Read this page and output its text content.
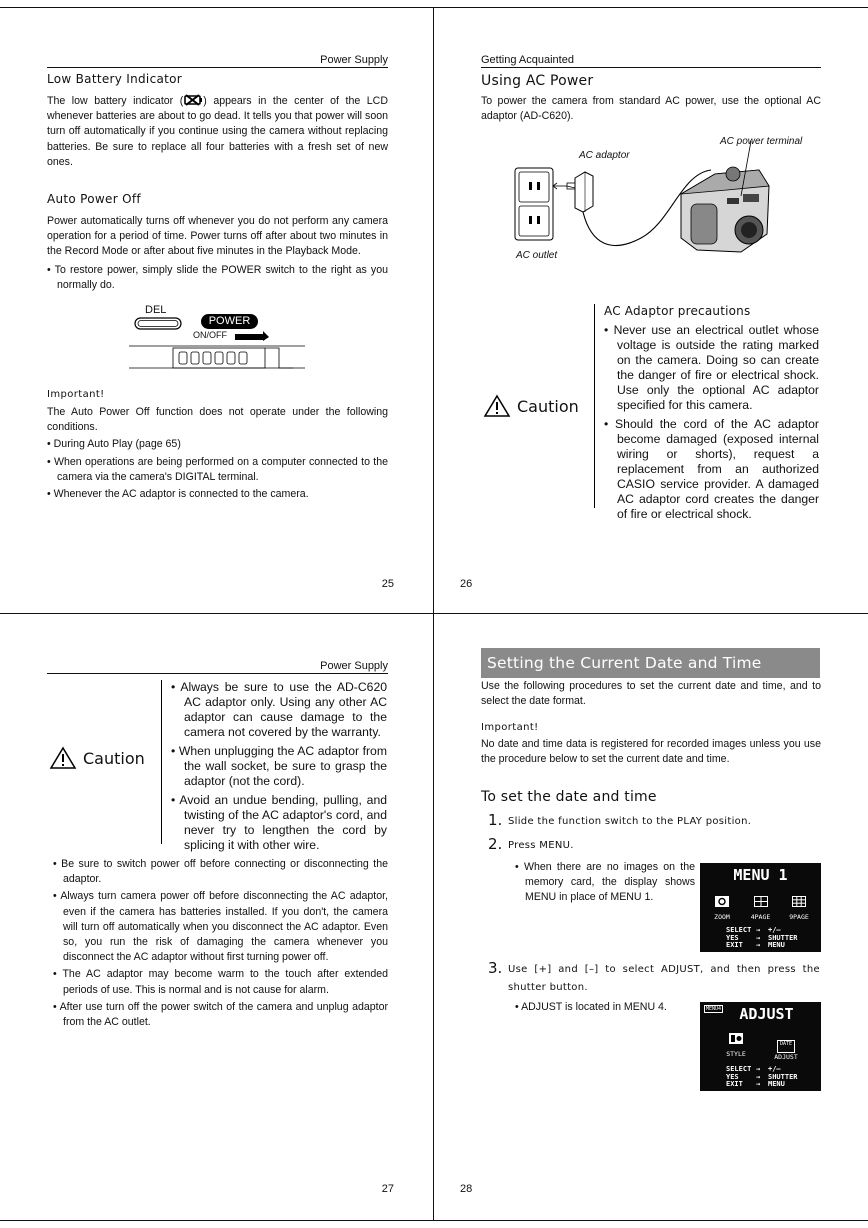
Power Supply
Low Battery Indicator
The low battery indicator ( ) appears in the center of the LCD whenever batteries are about to go dead. It tells you that power will soon turn off automatically if you continue using the camera without replacing batteries. Be sure to replace all four batteries with a fresh set of new ones.
Auto Power Off
Power automatically turns off whenever you do not perform any camera operation for a period of time. Power turns off after about two minutes in the Record Mode or after about five minutes in the Playback Mode.
• To restore power, simply slide the POWER switch to the right as you normally do.
DEL
POWER
ON/OFF
Important!
The Auto Power Off function does not operate under the following conditions.
• During Auto Play (page 65)
• When operations are being performed on a computer connected to the camera via the camera's DIGITAL terminal.
• Whenever the AC adaptor is connected to the camera.
25
Getting Acquainted
Using AC Power
To power the camera from standard AC power, use the optional AC adaptor (AD-C620).
AC adaptor
AC power terminal
AC outlet
Caution
AC Adaptor precautions
• Never use an electrical outlet whose voltage is outside the rating marked on the camera. Doing so can create the danger of fire or electrical shock. Use only the optional AC adaptor specified for this camera.
• Should the cord of the AC adaptor become damaged (exposed internal wiring or shorts), request a replacement from an authorized CASIO service provider. A damaged AC adaptor cord creates the danger of fire or electrical shock.
26
Power Supply
Caution
• Always be sure to use the AD-C620 AC adaptor only. Using any other AC adaptor can cause damage to the camera not covered by the warranty.
• When unplugging the AC adaptor from the wall socket, be sure to grasp the adaptor (not the cord).
• Avoid an undue bending, pulling, and twisting of the AC adaptor's cord, and never try to lengthen the cord by splicing it with other wire.
• Be sure to switch power off before connecting or disconnecting the adaptor.
• Always turn camera power off before disconnecting the AC adaptor, even if the camera has batteries installed. If you don't, the camera will turn off automatically when you disconnect the AC adaptor. Even so, you run the risk of damaging the camera whenever you disconnect the AC adaptor without first turning power off.
• The AC adaptor may become warm to the touch after extended periods of use. This is normal and is not cause for alarm.
• After use turn off the power switch of the camera and unplug adaptor from the AC outlet.
27
Setting the Current Date and Time
Use the following procedures to set the current date and time, and to select the date format.
Important!
No date and time data is registered for recorded images unless you use the procedure below to set the current date and time.
To set the date and time
1. Slide the function switch to the PLAY position.
2. Press MENU.
• When there are no images on the memory card, the display shows MENU in place of MENU 1.
MENU 1
ZOOM	4PAGE	9PAGE
SELECT → +/–
YES → SHUTTER
EXIT → MENU
3. Use [+] and [–] to select ADJUST, and then press the shutter button.
• ADJUST is located in MENU 4.	MENU4	ADJUST
STYLE
DATE
ADJUST
SELECT → +/–
YES → SHUTTER
EXIT → MENU
28
